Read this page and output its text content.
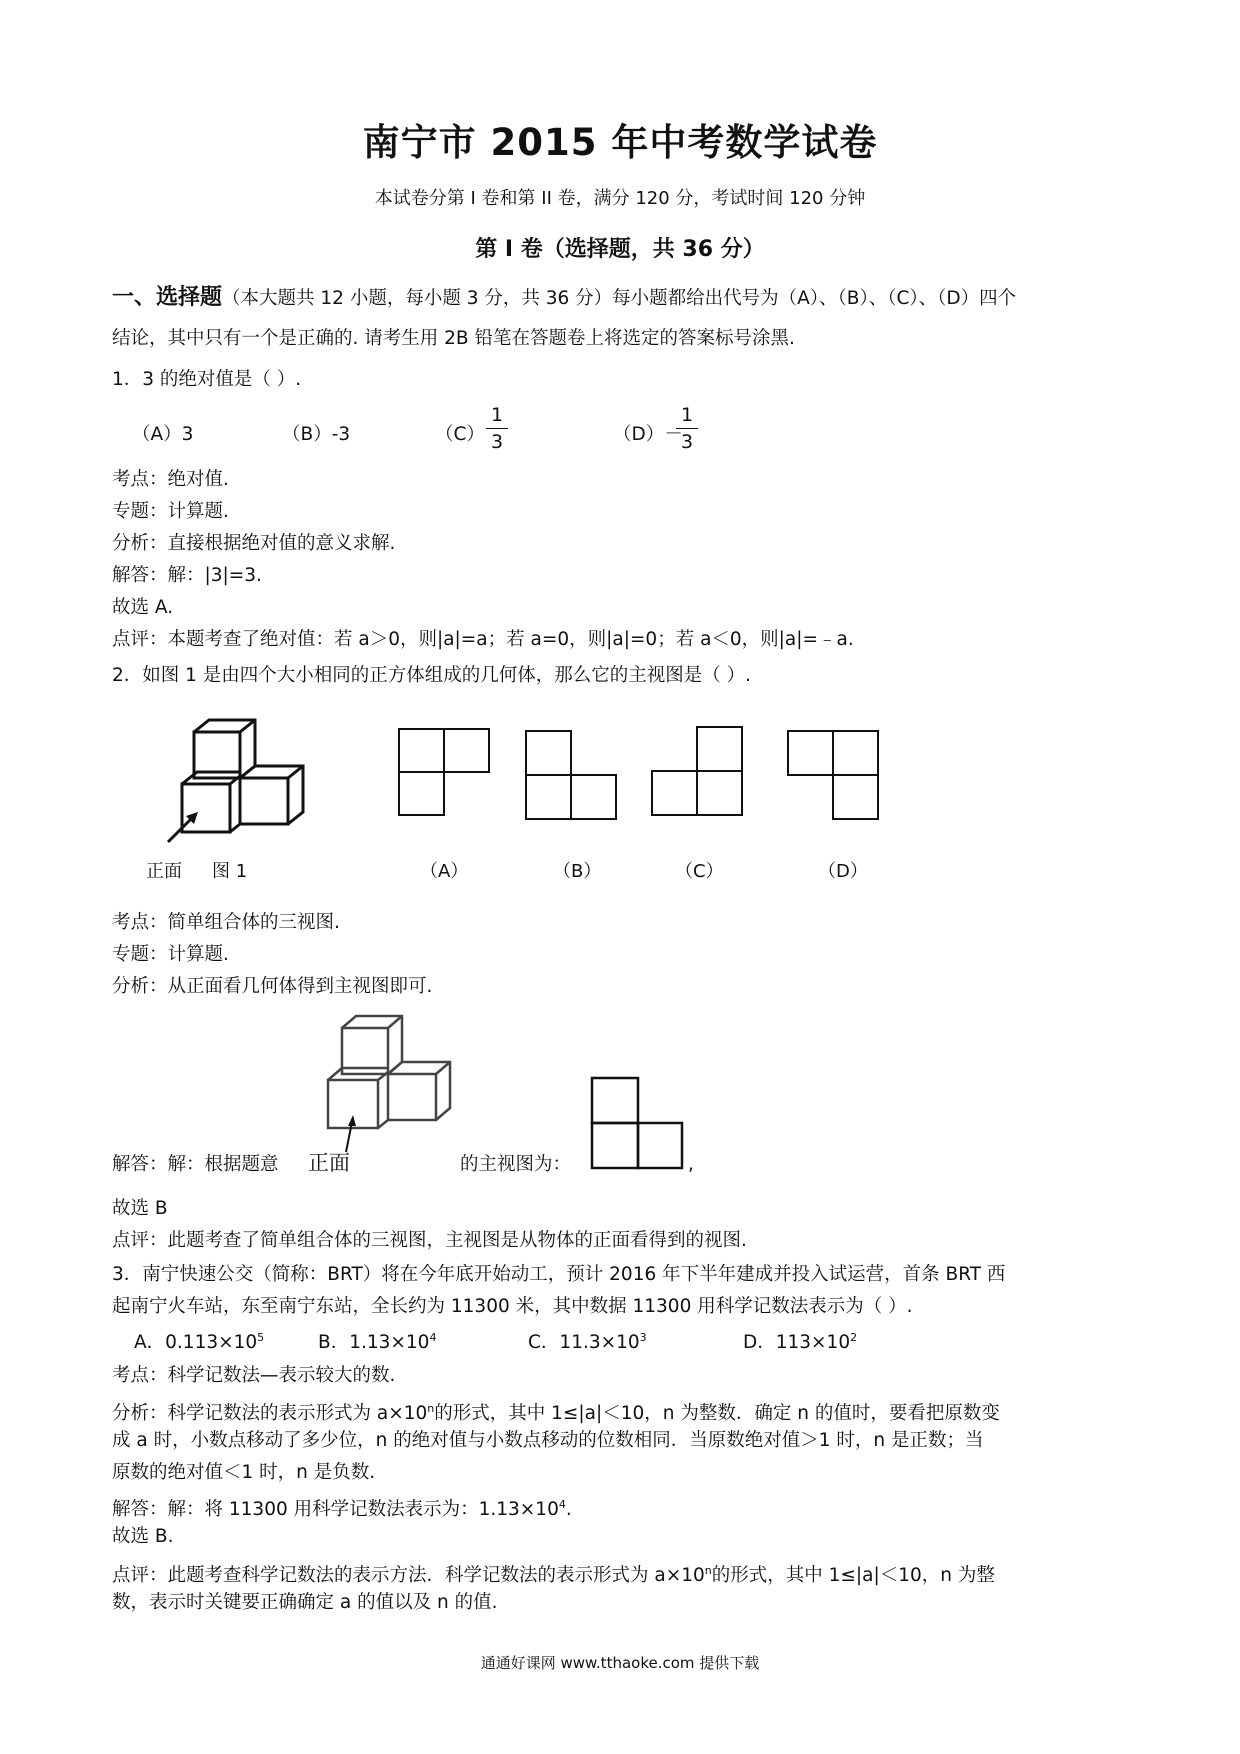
南宁市 2015 年中考数学试卷
本试卷分第 I 卷和第 II 卷，满分 120 分，考试时间 120 分钟
第 I 卷（选择题，共 36 分）
一、选择题（本大题共 12 小题，每小题 3 分，共 36 分）每小题都给出代号为（A）、（B）、（C）、（D）四个
结论，其中只有一个是正确的. 请考生用 2B 铅笔在答题卷上将选定的答案标号涂黑.
1．3 的绝对值是（ ）.
（A）3	（B）-3	（C）
1
3	（D）－
1
3
考点：绝对值.
专题：计算题.
分析：直接根据绝对值的意义求解.
解答：解：|3|=3.
故选 A.
点评：本题考查了绝对值：若 a＞0，则|a|=a；若 a=0，则|a|=0；若 a＜0，则|a|=﹣a.
2．如图 1 是由四个大小相同的正方体组成的几何体，那么它的主视图是（ ）.
正面 图 1	（A）	（B）	（C）	（D）
考点：简单组合体的三视图.
专题：计算题.
分析：从正面看几何体得到主视图即可.
解答：解：根据题意 正面	的主视图为：	,
故选 B
点评：此题考查了简单组合体的三视图，主视图是从物体的正面看得到的视图.
3．南宁快速公交（简称：BRT）将在今年底开始动工，预计 2016 年下半年建成并投入试运营，首条 BRT 西
起南宁火车站，东至南宁东站，全长约为 11300 米，其中数据 11300 用科学记数法表示为（ ）.
A．$0.113\times 10^5$	B．$1.13\times 10^4$	C．$11.3\times 10^3$	D．$113\times 10^2$
考点：科学记数法—表示较大的数.
分析：科学记数法的表示形式为 $a\times 10^n$的形式，其中 1≤|a|＜10，n 为整数．确定 n 的值时，要看把原数变
成 a 时，小数点移动了多少位，n 的绝对值与小数点移动的位数相同．当原数绝对值＞1 时，n 是正数；当
原数的绝对值＜1 时，n 是负数.
解答：解：将 11300 用科学记数法表示为：$1.13\times 10^4$.
故选 B.
点评：此题考查科学记数法的表示方法．科学记数法的表示形式为 $a\times 10^n$的形式，其中 1≤|a|＜10，n 为整
数，表示时关键要正确确定 a 的值以及 n 的值.
通通好课网 www.tthaoke.com 提供下载
